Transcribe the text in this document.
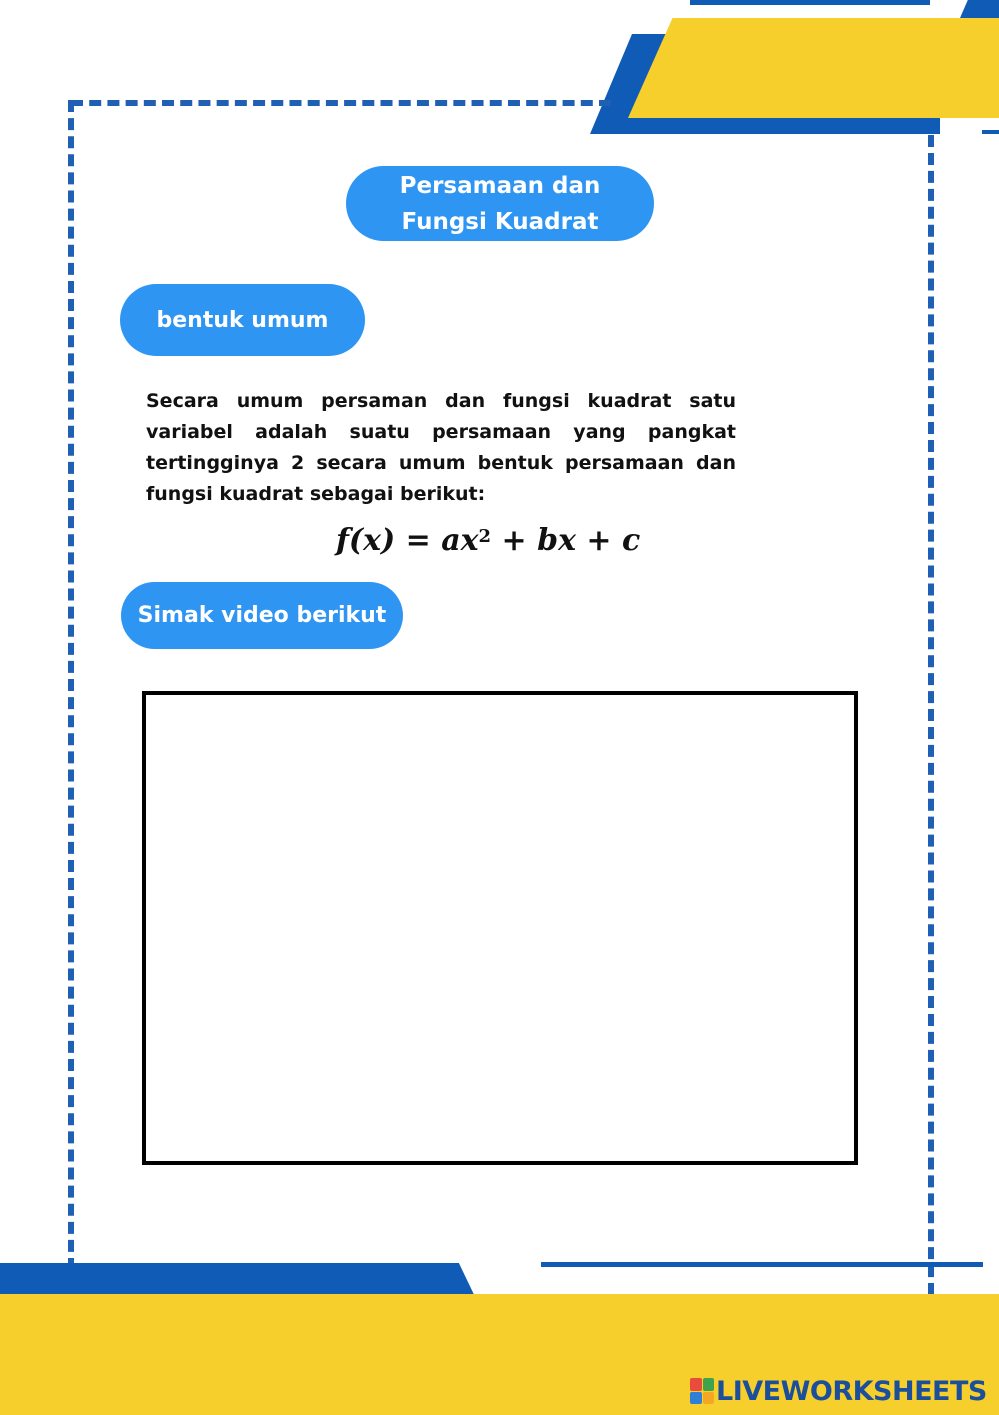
Persamaan dan
Fungsi Kuadrat
bentuk umum

Secara umum persaman dan fungsi kuadrat satu variabel adalah suatu persamaan yang pangkat tertingginya 2 secara umum bentuk persamaan dan fungsi kuadrat sebagai berikut:

f $(x) = ax^2$ + bx + c
Simak video berikut
LIVEWORKSHEETS
